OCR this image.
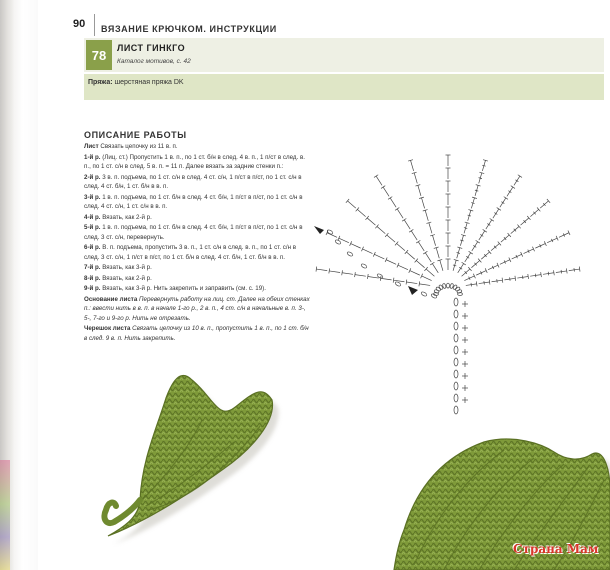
90 ВЯЗАНИЕ КРЮЧКОМ. ИНСТРУКЦИИ
78	ЛИСТ ГИНКГО
Каталог мотивов, с. 42
Пряжа: шерстяная пряжа DK
ОПИСАНИЕ РАБОТЫ

Лист Связать цепочку из 11 в. п.

1-й р. (Лиц. ст.) Пропустить 1 в. п., по 1 ст. б/н в след. 4 в. п., 1 п/ст в след. в. п., по 1 ст. с/н в след. 5 в. п. = 11 п. Далее вязать за задние стенки п.:

2-й р. 3 в. п. подъема, по 1 ст. с/н в след. 4 ст. с/н, 1 п/ст в п/ст, по 1 ст. с/н в след. 4 ст. б/н, 1 ст. б/н в в. п.

3-й р. 1 в. п. подъема, по 1 ст. б/н в след. 4 ст. б/н, 1 п/ст в п/ст, по 1 ст. с/н в след. 4 ст. с/н, 1 ст. с/н в в. п.

4-й р. Вязать, как 2-й р.

5-й р. 1 в. п. подъема, по 1 ст. б/н в след. 4 ст. б/н, 1 п/ст в п/ст, по 1 ст. с/н в след. 3 ст. с/н, перевернуть.

6-й р. В. п. подъема, пропустить 3 в. п., 1 ст. с/н в след. в. п., по 1 ст. с/н в след. 3 ст. с/н, 1 п/ст в п/ст, по 1 ст. б/н в след. 4 ст. б/н, 1 ст. б/н в в. п.

7-й р. Вязать, как 3-й р.

8-й р. Вязать, как 2-й р.

9-й р. Вязать, как 3-й р. Нить закрепить и заправить (см. с. 19).

Основание листа Перевернуть работу на лиц. ст. Далее на обеих стенках п.: ввести нить в в. п. в начале 1-го р., 2 в. п., 4 ст. с/н в начальные в. п. 3-, 5-, 7-го и 9-го р. Нить не отрезать.

Черешок листа Связать цепочку из 10 в. п., пропустить 1 в. п., по 1 ст. б/н в след. 9 в. п. Нить закрепить.

Страна Мам
